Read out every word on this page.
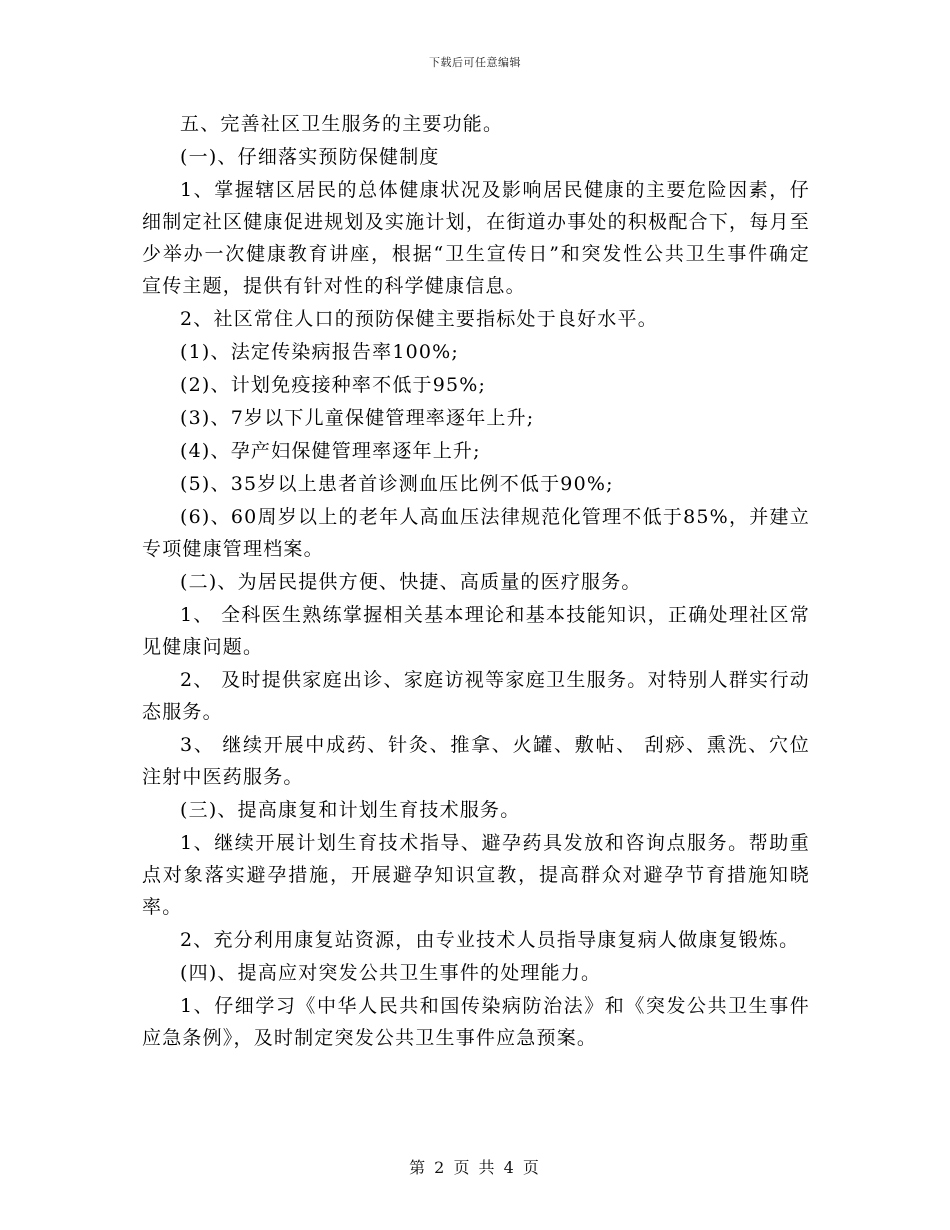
下载后可任意编辑

五、完善社区卫生服务的主要功能。

(一)、仔细落实预防保健制度

1、掌握辖区居民的总体健康状况及影响居民健康的主要危险因素，仔细制定社区健康促进规划及实施计划，在街道办事处的积极配合下，每月至少举办一次健康教育讲座，根据“卫生宣传日”和突发性公共卫生事件确定宣传主题，提供有针对性的科学健康信息。

2、社区常住人口的预防保健主要指标处于良好水平。

(1)、法定传染病报告率100%;

(2)、计划免疫接种率不低于95%;

(3)、7岁以下儿童保健管理率逐年上升;

(4)、孕产妇保健管理率逐年上升;

(5)、35岁以上患者首诊测血压比例不低于90%;

(6)、60周岁以上的老年人高血压法律规范化管理不低于85%，并建立专项健康管理档案。

(二)、为居民提供方便、快捷、高质量的医疗服务。

1、 全科医生熟练掌握相关基本理论和基本技能知识，正确处理社区常见健康问题。

2、 及时提供家庭出诊、家庭访视等家庭卫生服务。对特别人群实行动态服务。

3、 继续开展中成药、针灸、推拿、火罐、敷帖、 刮痧、熏洗、穴位注射中医药服务。

(三)、提高康复和计划生育技术服务。

1、继续开展计划生育技术指导、避孕药具发放和咨询点服务。帮助重点对象落实避孕措施，开展避孕知识宣教，提高群众对避孕节育措施知晓率。

2、充分利用康复站资源，由专业技术人员指导康复病人做康复锻炼。

(四)、提高应对突发公共卫生事件的处理能力。

1、仔细学习《中华人民共和国传染病防治法》和《突发公共卫生事件应急条例》，及时制定突发公共卫生事件应急预案。

第 2 页 共 4 页
